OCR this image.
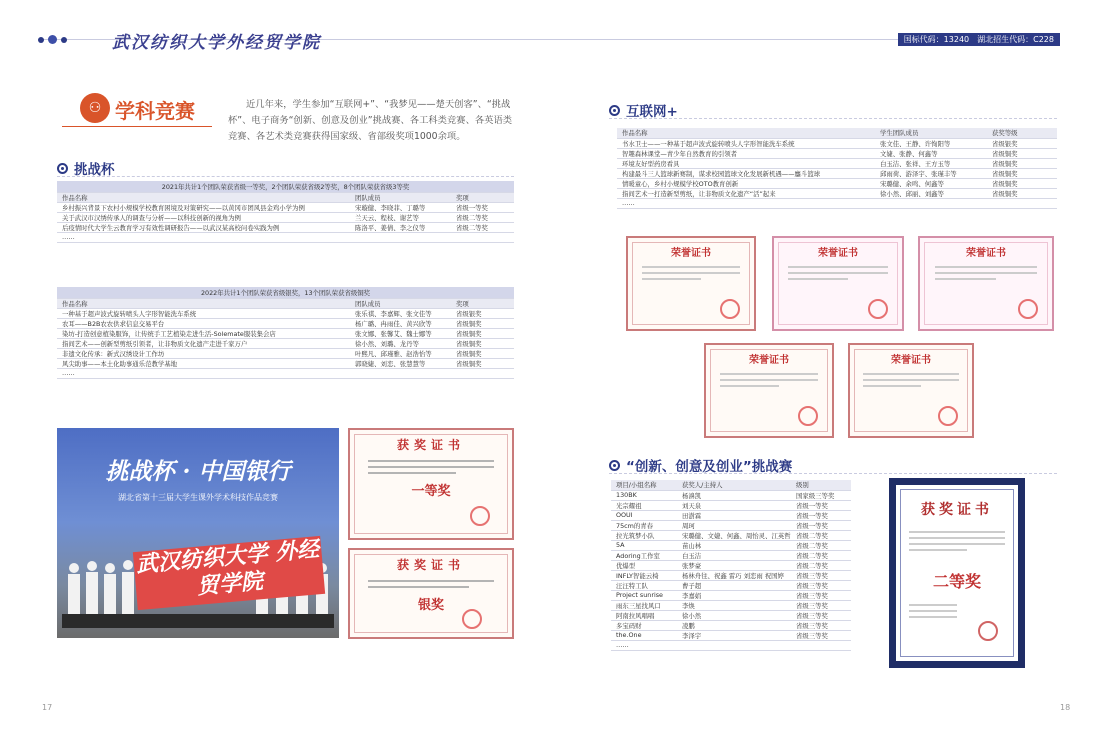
武汉纺织大学外经贸学院	国标代码：13240　湖北招生代码：C228
⚇ 学科竞赛	近几年来，学生参加“互联网+”、“我梦见——楚天创客”、“挑战杯”、电子商务“创新、创意及创业”挑战赛、各工科类竞赛、各英语类竞赛、各艺术类竞赛获得国家级、省部级奖项1000余项。
挑战杯
2021年共计1个团队荣获省级一等奖，2个团队荣获省级2等奖，8个团队荣获省级3等奖		
作品名称	团队成员	奖项
乡村振兴背景下农村小规模学校教育困境及对策研究——以黄冈市团风县金鸡小学为例	宋璇健、李晓菲、丁璐等	省级一等奖
关于武汉市汉绣传承人的调查与分析——以科技创新的视角为例	兰天云、程枝、谢艺等	省级二等奖
后疫情时代大学生云教育学习有效性调研报告——以武汉某高校问卷实践为例	陈洛平、姜倩、李之仪等	省级二等奖
……		
2022年共计1个团队荣获省级银奖，13个团队荣获省级铜奖		
作品名称	团队成员	奖项
一种基于超声波式旋转喷头人字形智能洗车系统	张乐祺、李嘉辉、张文佳等	省级银奖
农耳——B2B农农供求信息交易平台	杨广璐、冉雨佳、黄兴欣等	省级铜奖
染坊-打造创意植染服饰，让传统手工艺植染走进生活-Solemate服装集会店	张文娜、张馨艾、魏士娜等	省级铜奖
指间艺术——创新型剪纸引领者，让非物质文化遗产走进千家万户	徐小然、刘璐、龙丹等	省级铜奖
非遗文化传承：新式汉绣设计工作坊	叶熙凡、邱瑾雅、赵浩怡等	省级铜奖
风尖助事——本土化助事通乐范教学基地	郭晓婕、刘恋、张慧慧等	省级铜奖
……		
挑战杯 · 中国银行
湖北省第十三届大学生课外学术科技作品竞赛
武汉纺织大学 外经贸学院
获奖证书
一等奖
获奖证书
银奖
互联网+
作品名称	学生团队成员	获奖等级
书水卫士——一种基于超声波式旋转喷头人字形智能洗车系统	张文佳、王静、许恂阳等	省级银奖
智趣森林课堂—青少年自然教育的引领者	文婕、张静、何鑫等	省级铜奖
环境友好型药房看具	白玉洁、张祥、王方玉等	省级铜奖
构建最斗三人篮球新赛制，谋求校园篮球文化发展新机遇——鏖斗篮球	邱雨荷、游泽宇、张瑾丰等	省级铜奖
情暖童心，乡村小规模学校OTO教育创新	宋璐健、余鸣、何鑫等	省级铜奖
指间艺术一打造新型剪纸，让非物质文化遗产“活”起来	徐小然、邱丽、刘鑫等	省级铜奖
……		
荣誉证书	荣誉证书	荣誉证书
荣誉证书	荣誉证书
“创新、创意及创业”挑战赛
项目/小组名称	获奖人/主持人	级别
130BK	杨濞凯	国家级三等奖
光宗耀祖	刘天泉	省级一等奖
OOUI	田澍霖	省级一等奖
75cm的青春	周珂	省级一等奖
拉光筑梦小队	宋璐健、文婕、何鑫、周怡灵、江英哲	省级二等奖
5A	苗山林	省级二等奖
Adoring工作室	白玉洁	省级二等奖
优爆型	张梦豪	省级二等奖
INFLY智能云椅	杨林舟往、祝鑫 雷巧 刘恋雨 祝国婷	省级三等奖
汪汪特工队	曹子超	省级三等奖
Project sunrise	李嘉娟	省级三等奖
雨东三星找风口	李焕	省级三等奖
阿南拉风唱唱	徐小然	省级三等奖
多宝码财	凌鹏	省级三等奖
the.One	李泽宇	省级三等奖
……		
获奖证书
二等奖
17	18
